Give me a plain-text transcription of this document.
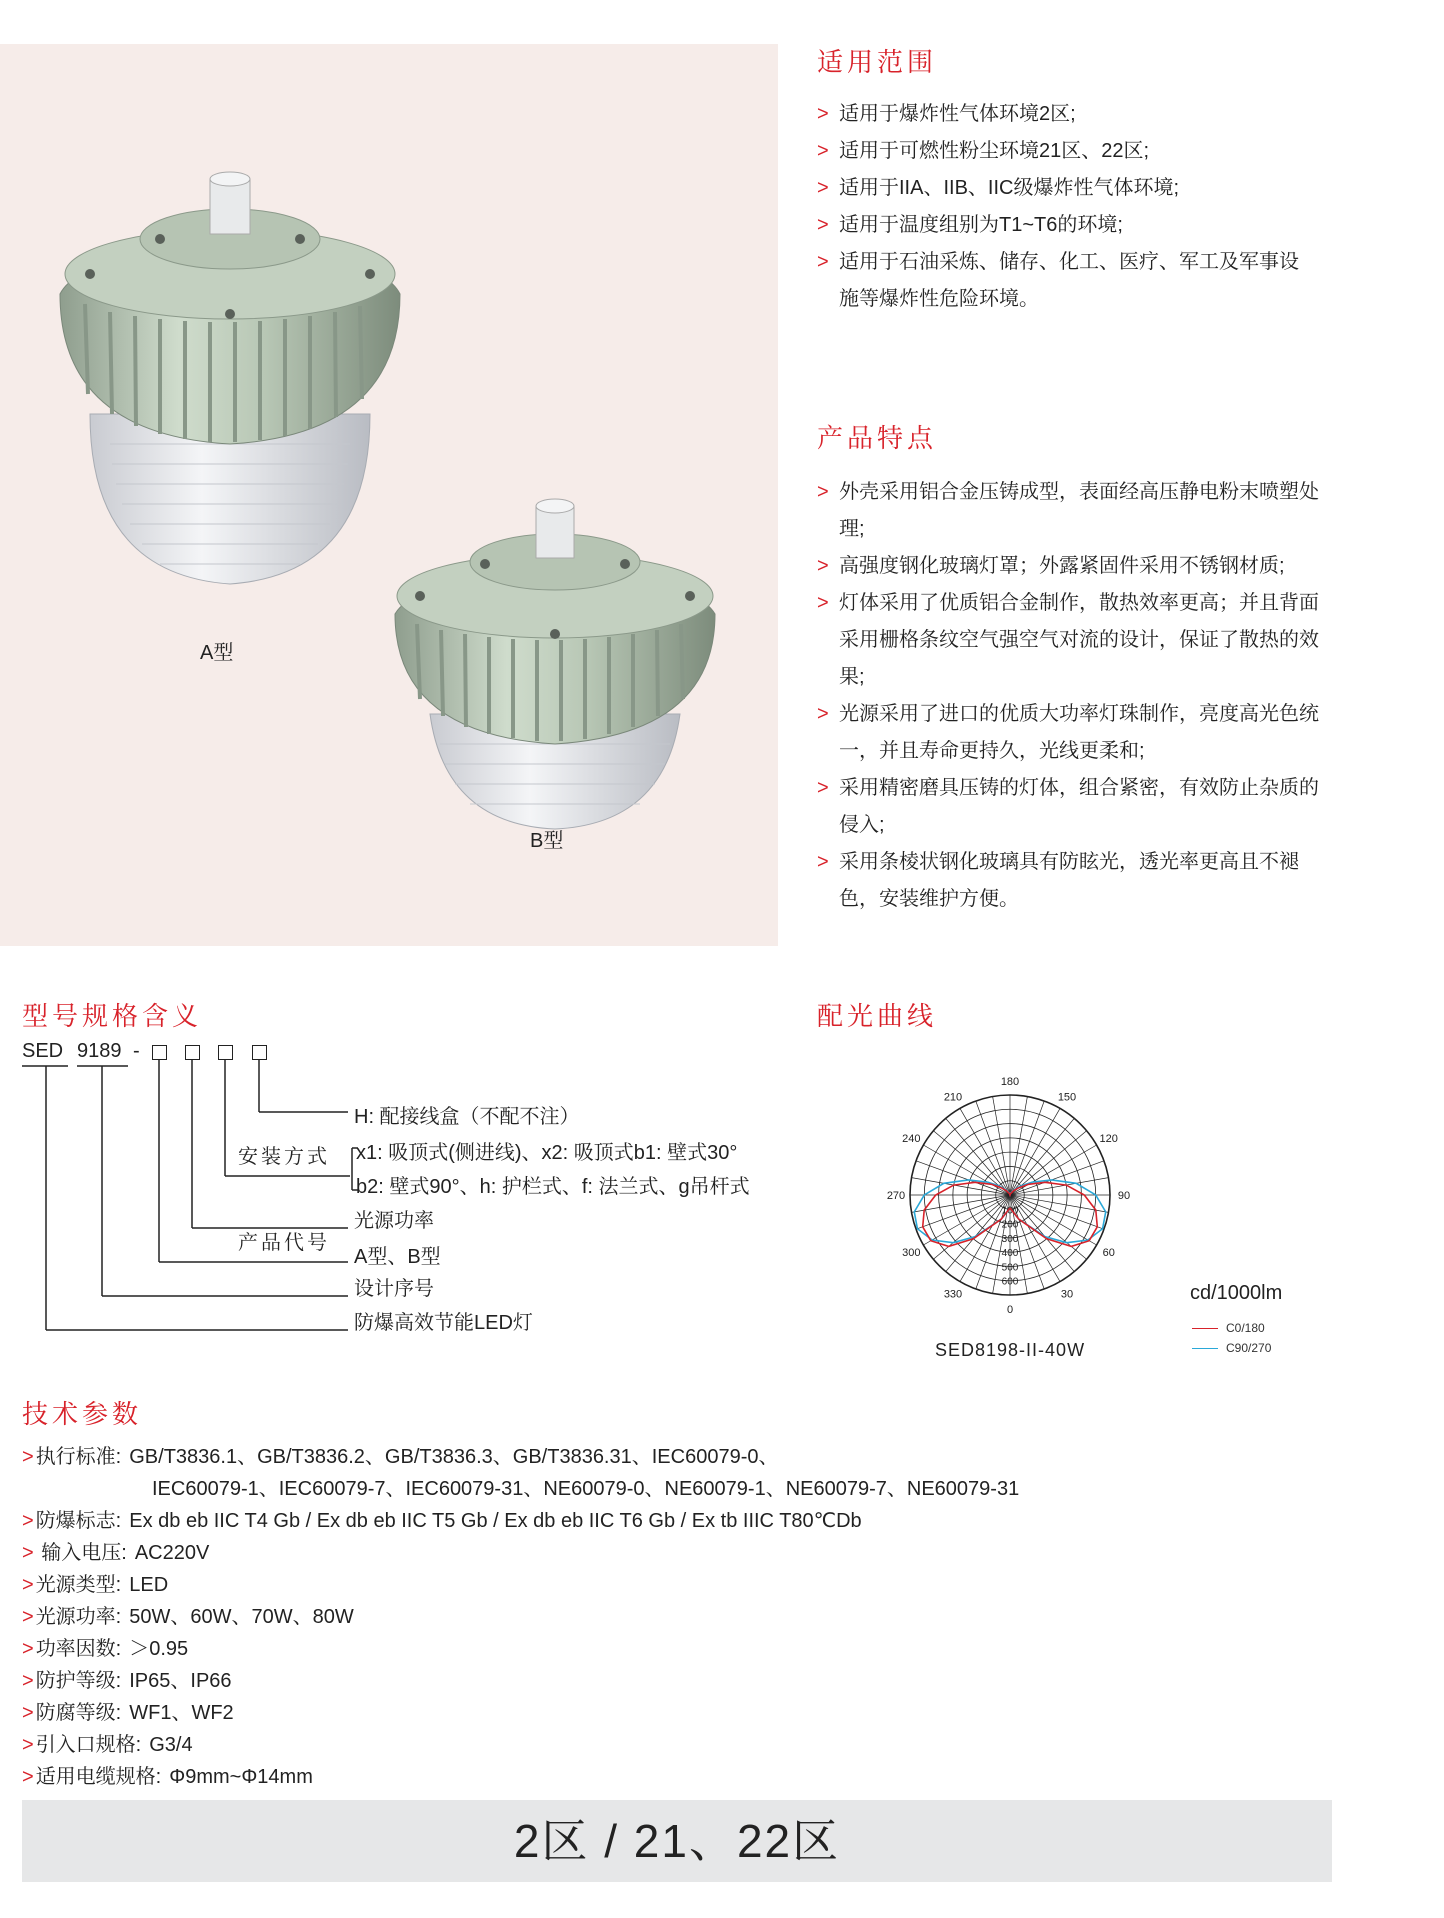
A型
B型
适用范围
> 适用于爆炸性气体环境2区;
> 适用于可燃性粉尘环境21区、22区;
> 适用于IIA、IIB、IIC级爆炸性气体环境;
> 适用于温度组别为T1~T6的环境;
> 适用于石油采炼、储存、化工、医疗、军工及军事设施等爆炸性危险环境。
产品特点
> 外壳采用铝合金压铸成型，表面经高压静电粉末喷塑处理;
> 高强度钢化玻璃灯罩；外露紧固件采用不锈钢材质;
> 灯体采用了优质铝合金制作，散热效率更高；并且背面采用栅格条纹空气强空气对流的设计，保证了散热的效果;
> 光源采用了进口的优质大功率灯珠制作，亮度高光色统一，并且寿命更持久，光线更柔和;
> 采用精密磨具压铸的灯体，组合紧密，有效防止杂质的侵入;
> 采用条棱状钢化玻璃具有防眩光，透光率更高且不褪色，安装维护方便。
型号规格含义
SED 9189 -
H: 配接线盒（不配不注）
安装方式 x1: 吸顶式(侧进线)、x2: 吸顶式b1: 壁式30°
b2: 壁式90°、h: 护栏式、f: 法兰式、g吊杆式
光源功率
产品代号
A型、B型
设计序号
防爆高效节能LED灯
配光曲线
180
150
120
90
60
30
0
330
300
270
240
210
100
200
300
400
500
600
SED8198-II-40W
cd/1000lm
C0/180
C90/270
技术参数
> 执行标准: GB/T3836.1、GB/T3836.2、GB/T3836.3、GB/T3836.31、IEC60079-0、
IEC60079-1、IEC60079-7、IEC60079-31、NE60079-0、NE60079-1、NE60079-7、NE60079-31
> 防爆标志: Ex db eb IIC T4 Gb / Ex db eb IIC T5 Gb / Ex db eb IIC T6 Gb / Ex tb IIIC T80℃Db
> 输入电压: AC220V
> 光源类型: LED
> 光源功率: 50W、60W、70W、80W
> 功率因数: ＞0.95
> 防护等级: IP65、IP66
> 防腐等级: WF1、WF2
> 引入口规格: G3/4
> 适用电缆规格: Φ9mm~Φ14mm
2区 / 21、22区
